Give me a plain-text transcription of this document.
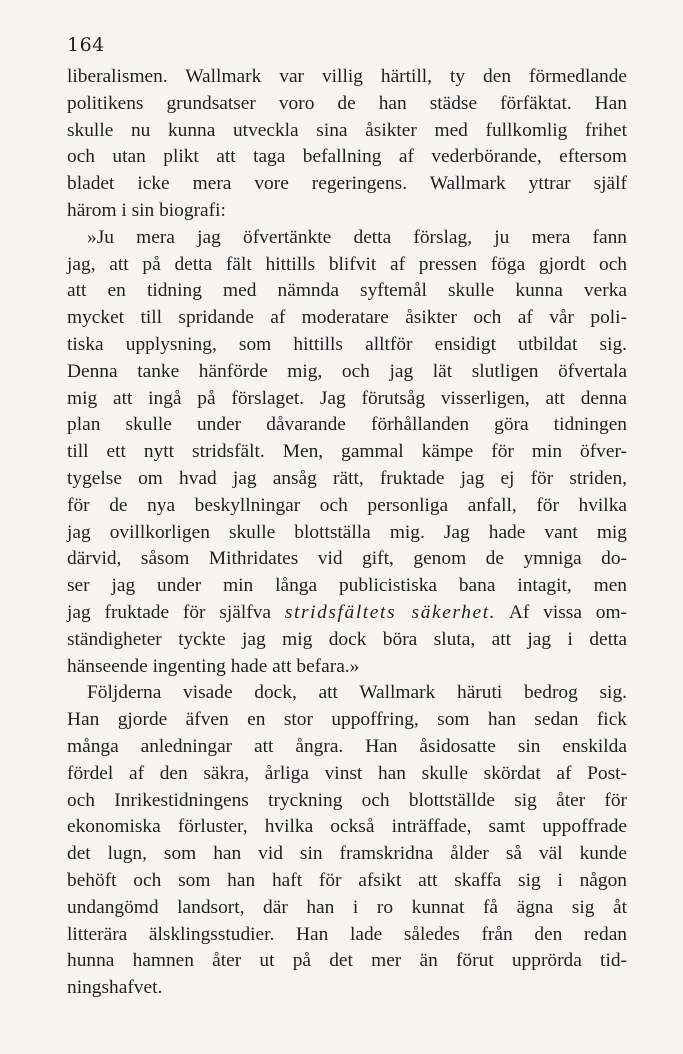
164
liberalismen. Wallmark var villig härtill, ty den förmedlande
politikens grundsatser voro de han städse förfäktat. Han
skulle nu kunna utveckla sina åsikter med fullkomlig frihet
och utan plikt att taga befallning af vederbörande, eftersom
bladet icke mera vore regeringens. Wallmark yttrar själf
härom i sin biografi:
»Ju mera jag öfvertänkte detta förslag, ju mera fann
jag, att på detta fält hittills blifvit af pressen föga gjordt och
att en tidning med nämnda syftemål skulle kunna verka
mycket till spridande af moderatare åsikter och af vår poli-
tiska upplysning, som hittills alltför ensidigt utbildat sig.
Denna tanke hänförde mig, och jag lät slutligen öfvertala
mig att ingå på förslaget. Jag förutsåg visserligen, att denna
plan skulle under dåvarande förhållanden göra tidningen
till ett nytt stridsfält. Men, gammal kämpe för min öfver-
tygelse om hvad jag ansåg rätt, fruktade jag ej för striden,
för de nya beskyllningar och personliga anfall, för hvilka
jag ovillkorligen skulle blottställa mig. Jag hade vant mig
därvid, såsom Mithridates vid gift, genom de ymniga do-
ser jag under min långa publicistiska bana intagit, men
jag fruktade för själfva stridsfältets säkerhet. Af vissa om-
ständigheter tyckte jag mig dock böra sluta, att jag i detta
hänseende ingenting hade att befara.»
Följderna visade dock, att Wallmark häruti bedrog sig.
Han gjorde äfven en stor uppoffring, som han sedan fick
många anledningar att ångra. Han åsidosatte sin enskilda
fördel af den säkra, årliga vinst han skulle skördat af Post-
och Inrikestidningens tryckning och blottställde sig åter för
ekonomiska förluster, hvilka också inträffade, samt uppoffrade
det lugn, som han vid sin framskridna ålder så väl kunde
behöft och som han haft för afsikt att skaffa sig i någon
undangömd landsort, där han i ro kunnat få ägna sig åt
litterära älsklingsstudier. Han lade således från den redan
hunna hamnen åter ut på det mer än förut upprörda tid-
ningshafvet.
